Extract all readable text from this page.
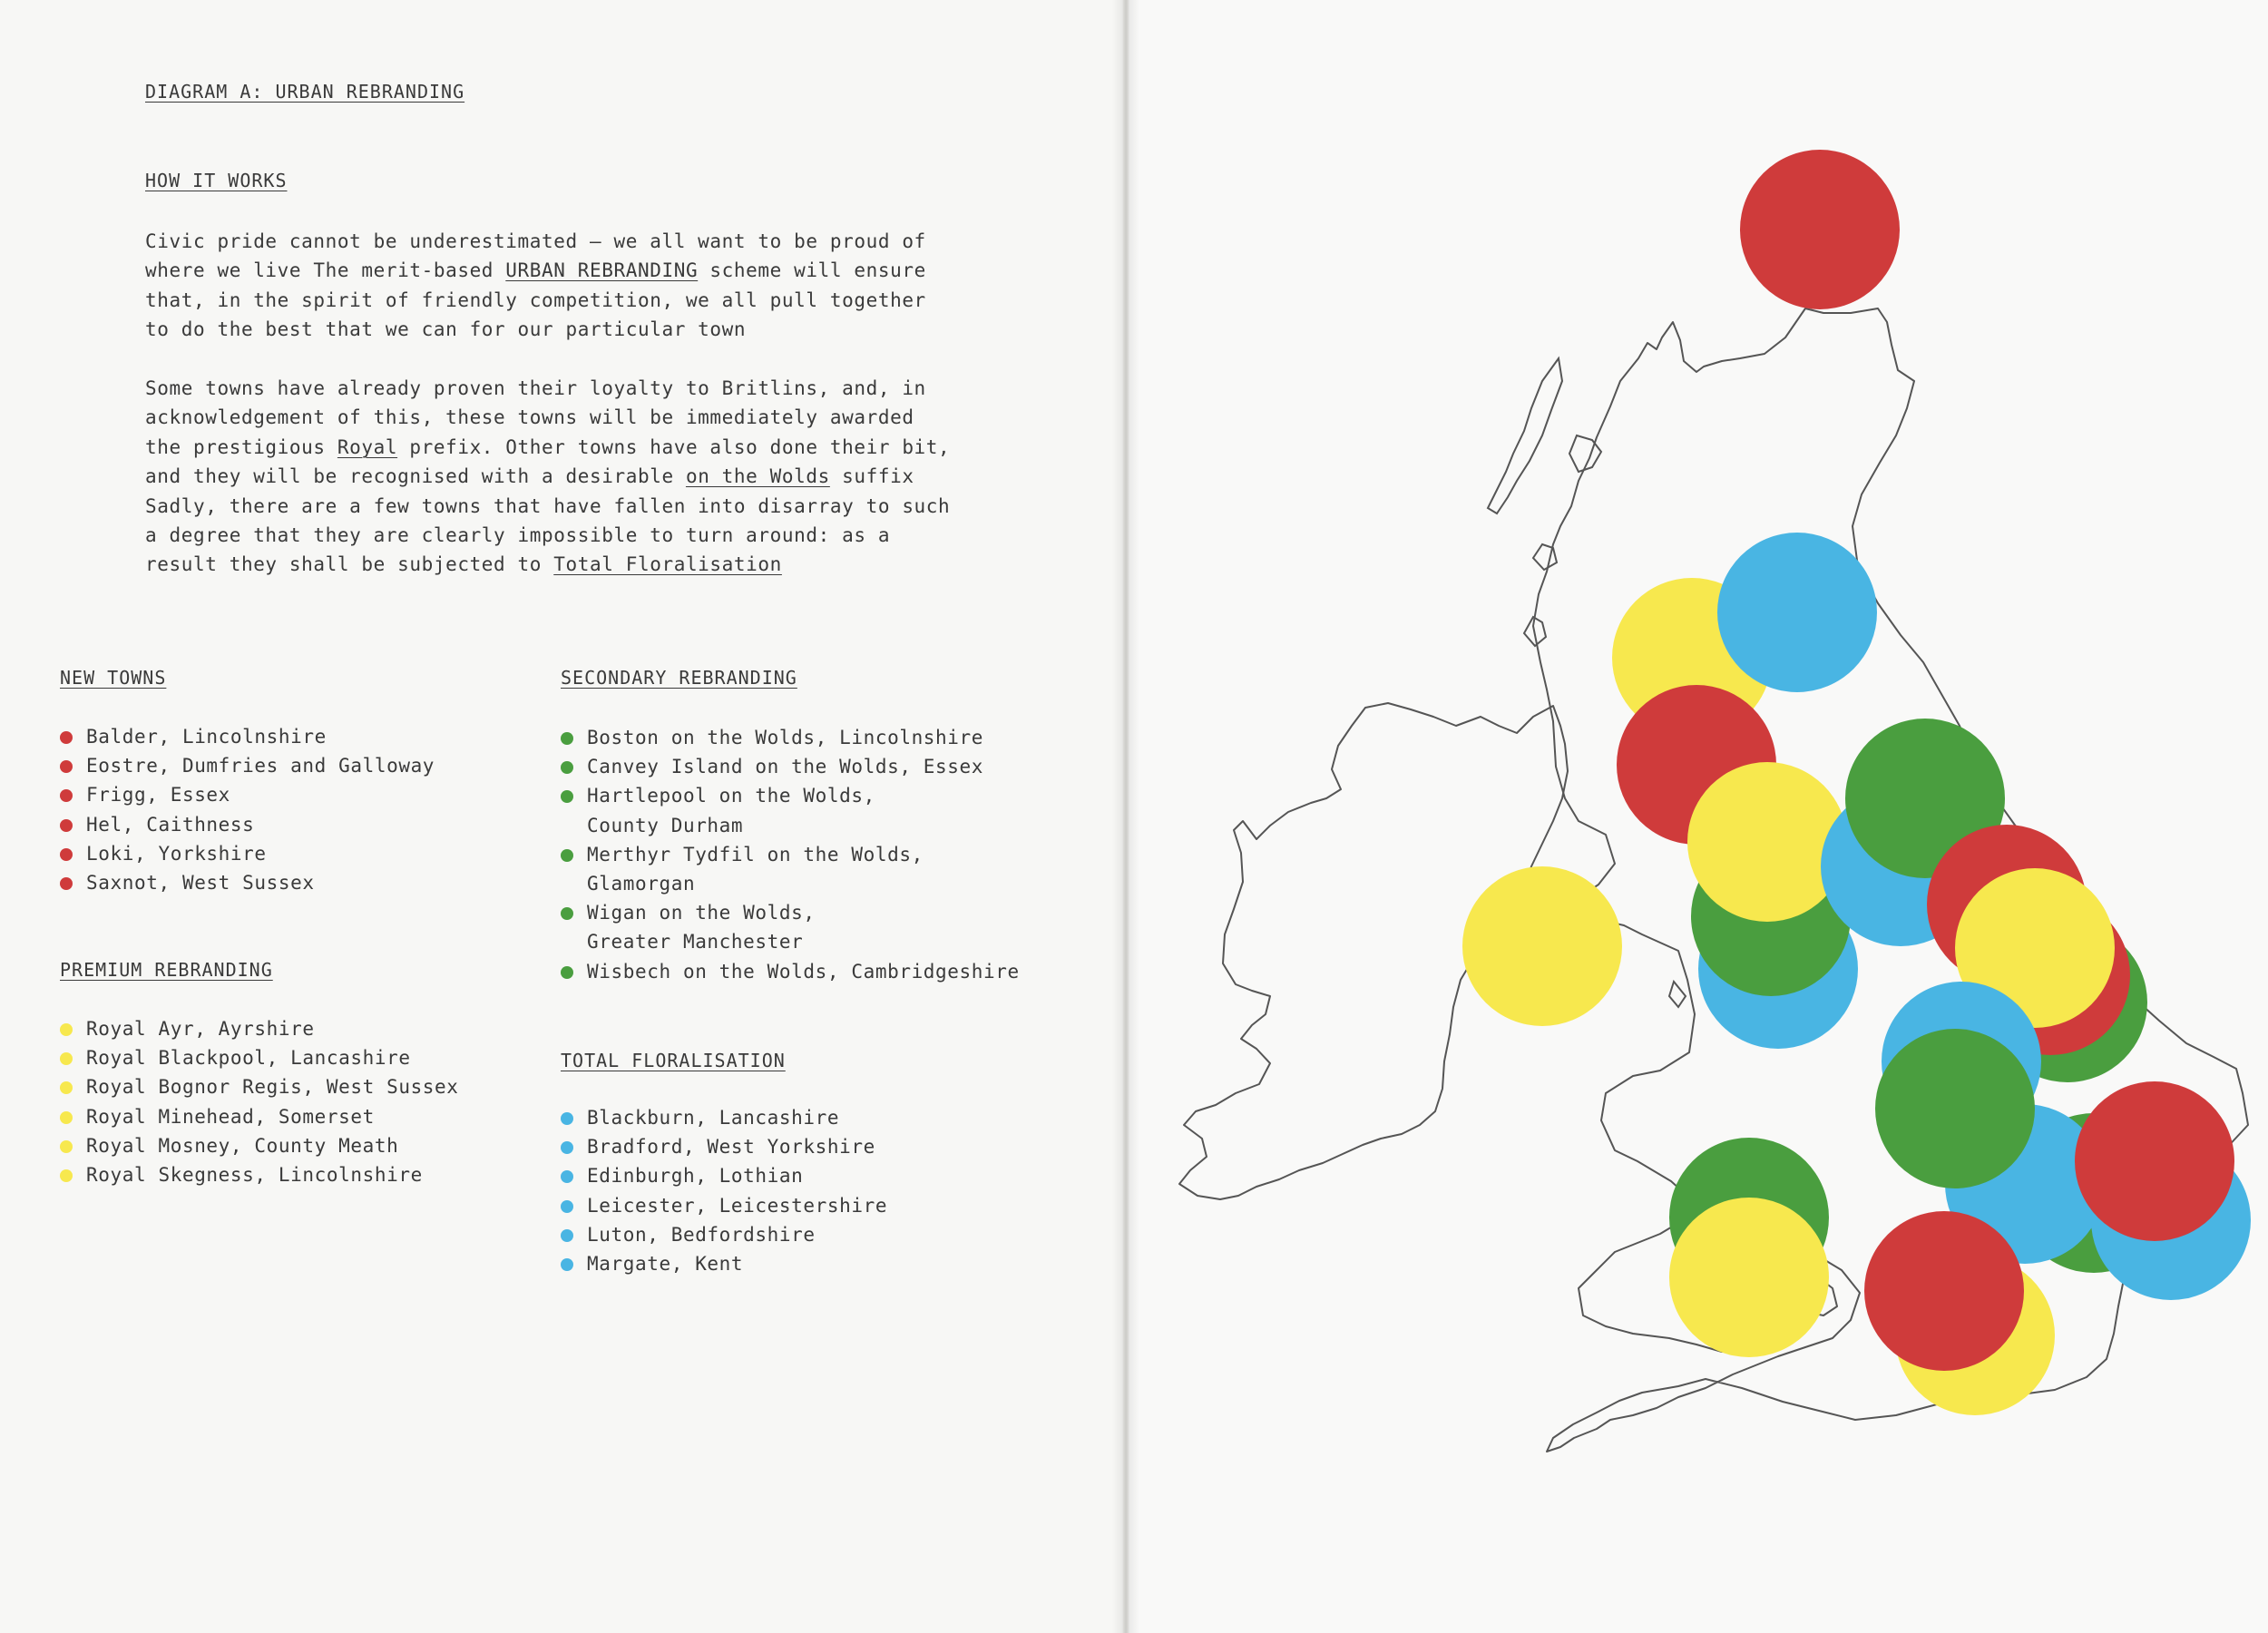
DIAGRAM A: URBAN REBRANDING
HOW IT WORKS

Civic pride cannot be underestimated – we all want to be proud of where we live The merit-based URBAN REBRANDING scheme will ensure that, in the spirit of friendly competition, we all pull together to do the best that we can for our particular town

Some towns have already proven their loyalty to Britlins, and, in acknowledgement of this, these towns will be immediately awarded the prestigious Royal prefix. Other towns have also done their bit, and they will be recognised with a desirable on the Wolds suffix Sadly, there are a few towns that have fallen into disarray to such a degree that they are clearly impossible to turn around: as a result they shall be subjected to Total Floralisation

NEW TOWNS
Balder, Lincolnshire
Eostre, Dumfries and Galloway
Frigg, Essex
Hel, Caithness
Loki, Yorkshire
Saxnot, West Sussex
PREMIUM REBRANDING
Royal Ayr, Ayrshire
Royal Blackpool, Lancashire
Royal Bognor Regis, West Sussex
Royal Minehead, Somerset
Royal Mosney, County Meath
Royal Skegness, Lincolnshire
SECONDARY REBRANDING
Boston on the Wolds, Lincolnshire
Canvey Island on the Wolds, Essex
Hartlepool on the Wolds,
County Durham
Merthyr Tydfil on the Wolds,
Glamorgan
Wigan on the Wolds,
Greater Manchester
Wisbech on the Wolds, Cambridgeshire
TOTAL FLORALISATION
Blackburn, Lancashire
Bradford, West Yorkshire
Edinburgh, Lothian
Leicester, Leicestershire
Luton, Bedfordshire
Margate, Kent
